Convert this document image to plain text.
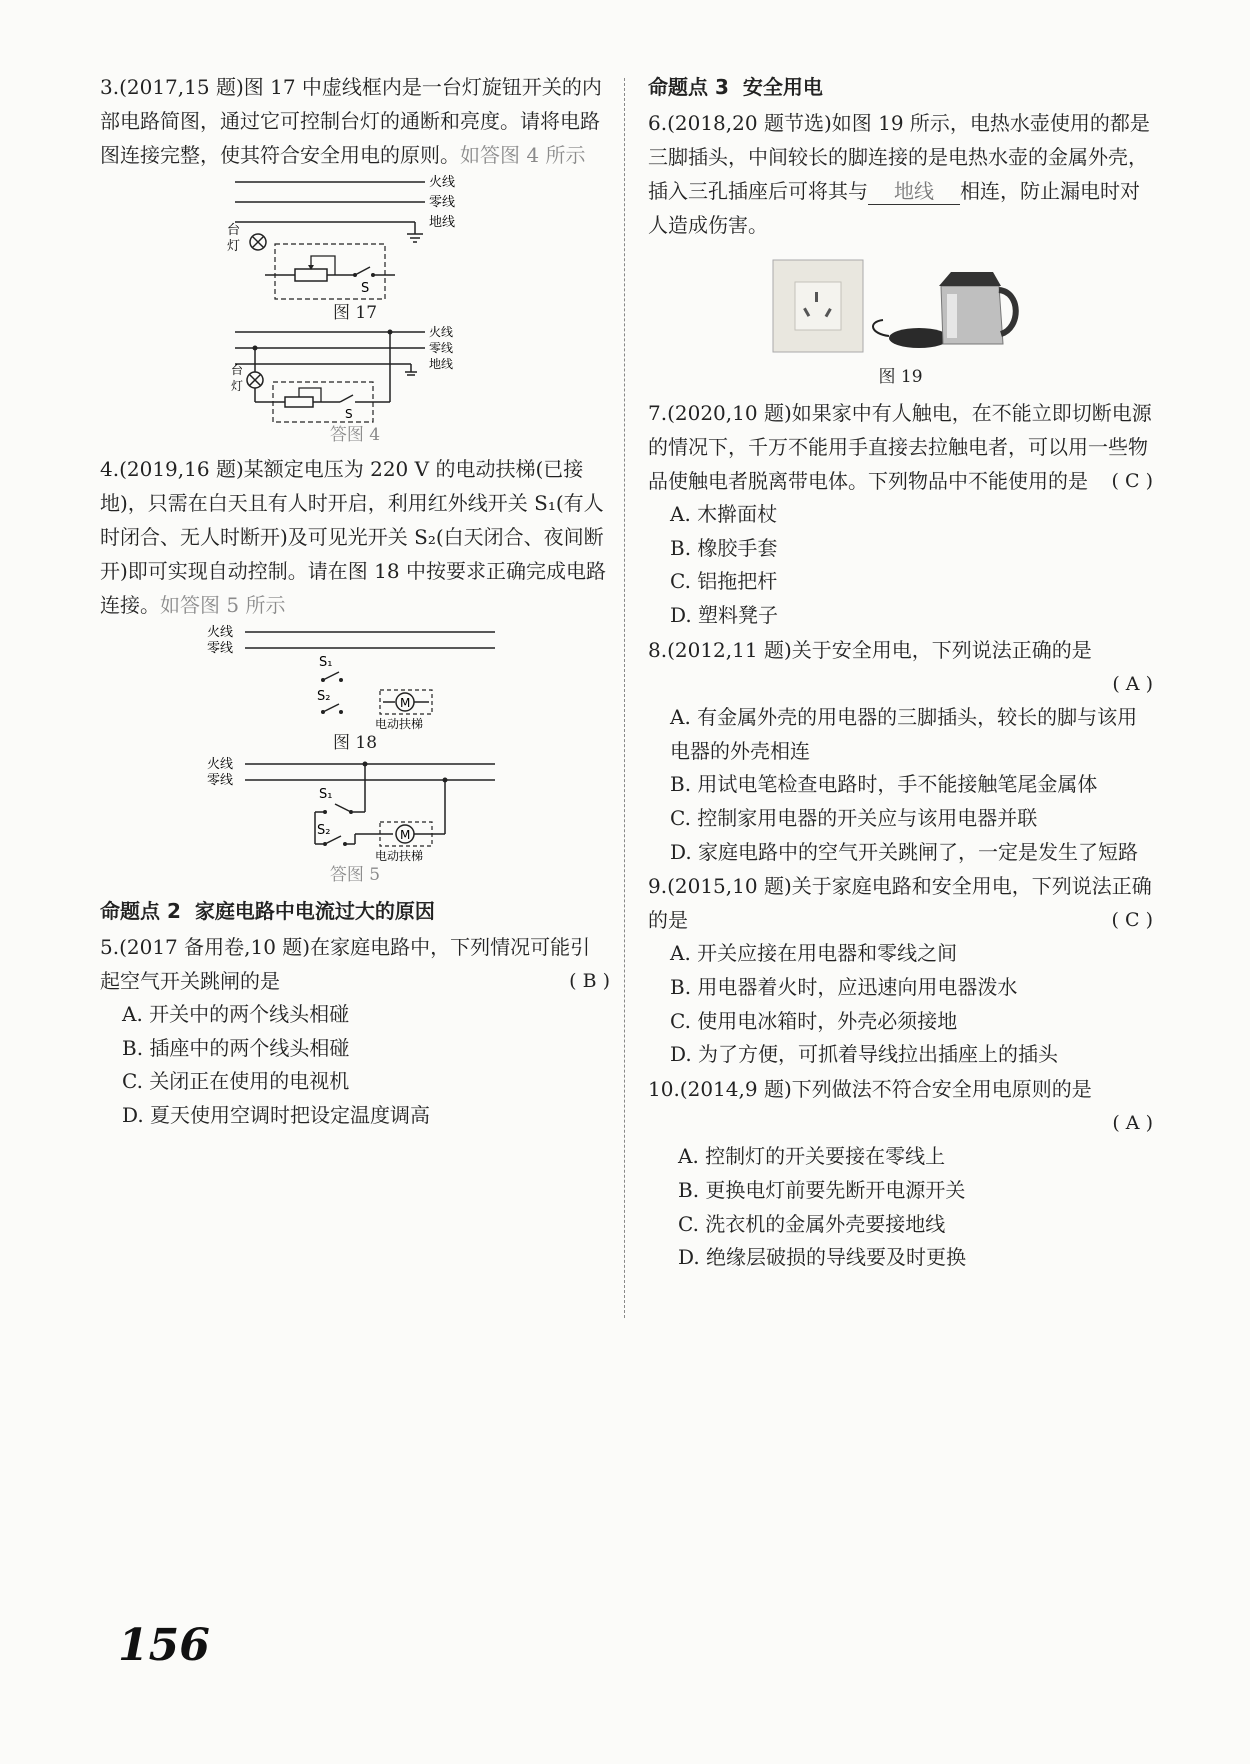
3.(2017,15 题)图 17 中虚线框内是一台灯旋钮开关的内部电路简图，通过它可控制台灯的通断和亮度。请将电路图连接完整，使其符合安全用电的原则。如答图 4 所示

火线
零线
地线
台
灯
S

图 17

火线
零线
地线
台
灯
S

答图 4

4.(2019,16 题)某额定电压为 220 V 的电动扶梯(已接地)，只需在白天且有人时开启，利用红外线开关 S₁(有人时闭合、无人时断开)及可见光开关 S₂(白天闭合、夜间断开)即可实现自动控制。请在图 18 中按要求正确完成电路连接。如答图 5 所示

火线
零线
S₁
S₂	M
电动扶梯

图 18

火线
零线
S₁
S₂	M
电动扶梯

答图 5

命题点 2 家庭电路中电流过大的原因

5.(2017 备用卷,10 题)在家庭电路中，下列情况可能引起空气开关跳闸的是	( B )

A. 开关中的两个线头相碰

B. 插座中的两个线头相碰

C. 关闭正在使用的电视机

D. 夏天使用空调时把设定温度调高

命题点 3 安全用电

6.(2018,20 题节选)如图 19 所示，电热水壶使用的都是三脚插头，中间较长的脚连接的是电热水壶的金属外壳，插入三孔插座后可将其与 地线 相连，防止漏电时对人造成伤害。

图 19

7.(2020,10 题)如果家中有人触电，在不能立即切断电源的情况下，千万不能用手直接去拉触电者，可以用一些物品使触电者脱离带电体。下列物品中不能使用的是 ( C )

A. 木擀面杖

B. 橡胶手套

C. 铝拖把杆

D. 塑料凳子

8.(2012,11 题)关于安全用电，下列说法正确的是

( A )

A. 有金属外壳的用电器的三脚插头，较长的脚与该用电器的外壳相连

B. 用试电笔检查电路时，手不能接触笔尾金属体

C. 控制家用电器的开关应与该用电器并联

D. 家庭电路中的空气开关跳闸了，一定是发生了短路

9.(2015,10 题)关于家庭电路和安全用电，下列说法正确的是	( C )

A. 开关应接在用电器和零线之间

B. 用电器着火时，应迅速向用电器泼水

C. 使用电冰箱时，外壳必须接地

D. 为了方便，可抓着导线拉出插座上的插头

10.(2014,9 题)下列做法不符合安全用电原则的是

( A )

A. 控制灯的开关要接在零线上

B. 更换电灯前要先断开电源开关

C. 洗衣机的金属外壳要接地线

D. 绝缘层破损的导线要及时更换

156
